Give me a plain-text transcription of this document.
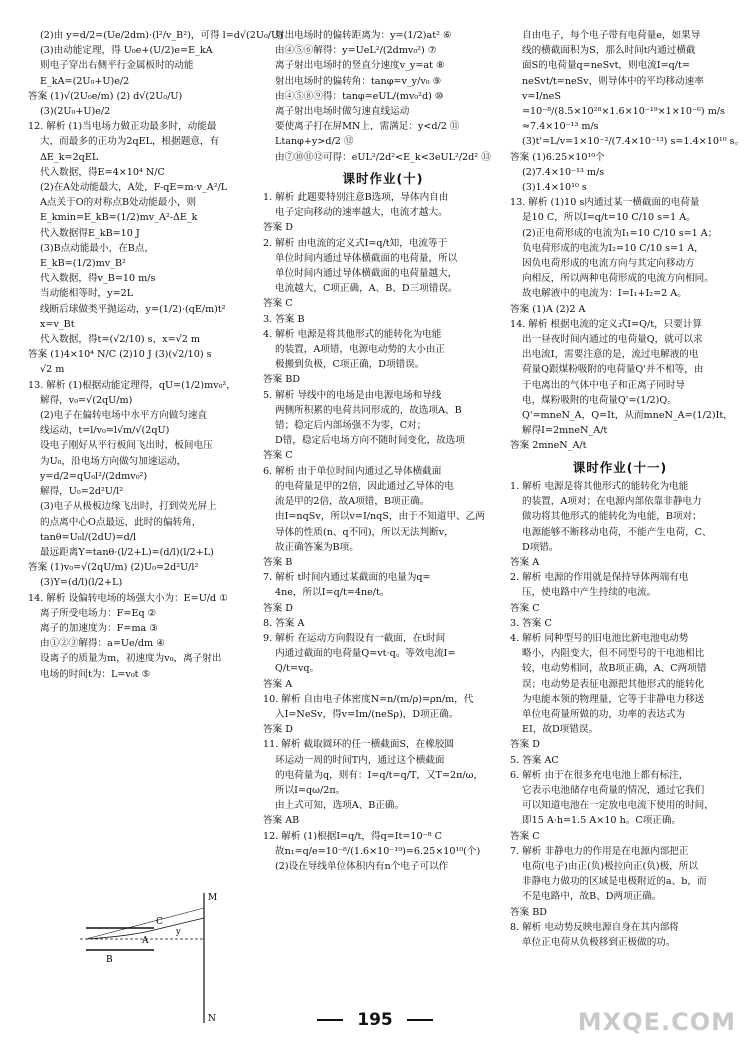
(2)由 y=d/2=(Ue/2dm)·(l²/v_B²)，可得 l=d√(2U₀/U)
(3)由动能定理，得 U₀e+(U/2)e=E_kA
则电子穿出右侧平行金属板时的动能
E_kA=(2U₀+U)e/2
答案 (1)√(2U₀e/m) (2) d√(2U₀/U)
(3)(2U₀+U)e/2
12. 解析 (1)当电场力做正功最多时，动能最
大，而最多的正功为2qEL，根据题意，有
ΔE_k=2qEL
代入数据，得E=4×10⁴ N/C
(2)在A处动能最大，A处，F-qE=m·v_A²/L
A点关于O的对称点B处动能最小，则
E_kmin=E_kB=(1/2)mv_A²-ΔE_k
代入数据得E_kB=10 J
(3)B点动能最小，在B点，
E_kB=(1/2)mv_B²
代入数据，得v_B=10 m/s
当动能相等时，y=2L
线断后球做类平抛运动，y=(1/2)·(qE/m)t²
x=v_Bt
代入数据，得t=(√2/10) s，x=√2 m
答案 (1)4×10⁴ N/C (2)10 J (3)(√2/10) s
√2 m
13. 解析 (1)根据动能定理得，qU=(1/2)mv₀²，
解得，v₀=√(2qU/m)
(2)电子在偏转电场中水平方向做匀速直
线运动，t=l/v₀=l√m/√(2qU)
设电子刚好从平行板间飞出时，板间电压
为U₀，沿电场方向做匀加速运动，
y=d/2=qU₀l²/(2dmv₀²)
解得，U₀=2d²U/l²
(3)电子从极板边缘飞出时，打到荧光屏上
的点离中心O点最远，此时的偏转角，
tanθ=U₀l/(2dU)=d/l
最远距离Y=tanθ·(l/2+L)=(d/l)(l/2+L)
答案 (1)v₀=√(2qU/m) (2)U₀=2d²U/l²
(3)Y=(d/l)(l/2+L)
14. 解析 设偏转电场的场强大小为：E=U/d ①
离子所受电场力：F=Eq ②
离子的加速度为：F=ma ③
由①②③解得：a=Ue/dm ④
设离子的质量为m，初速度为v₀，离子射出
电场的时间t为：L=v₀t ⑤
射出电场时的偏转距离为：y=(1/2)at² ⑥
由④⑤⑥解得：y=UeL²/(2dmv₀²) ⑦
离子射出电场时的竖直分速度v_y=at ⑧
射出电场时的偏转角：tanφ=v_y/v₀ ⑨
由④⑤⑧⑨得：tanφ=eUL/(mv₀²d) ⑩
离子射出电场时做匀速直线运动
要使离子打在屏MN上，需满足：y<d/2 ⑪
Ltanφ+y>d/2 ⑫
由⑦⑩⑪⑫可得：eUL²/2d²<E_k<3eUL²/2d² ⑬
课时作业(十)
1. 解析 此题要特别注意B选项，导体内自由
电子定向移动的速率越大，电流才越大。
答案 D
2. 解析 由电流的定义式I=q/t知，电流等于
单位时间内通过导体横截面的电荷量，所以
单位时间内通过导体横截面的电荷量越大，
电流越大，C项正确，A、B、D三项错误。
答案 C
3. 答案 B
4. 解析 电源是将其他形式的能转化为电能
的装置，A项错，电源电动势的大小由正
极搬到负极，C项正确，D项错误。
答案 BD
5. 解析 导线中的电场是由电源电场和导线
两侧所积累的电荷共同形成的，故选项A、B
错；稳定后内部场强不为零，C对；
D错，稳定后电场方向不随时间变化，故选项
答案 C
6. 解析 由于单位时间内通过乙导体横截面
的电荷量是甲的2倍，因此通过乙导体的电
流是甲的2倍，故A项错，B项正确。
由I=nqSv，所以v=I/nqS，由于不知道甲、乙两
导体的性质(n、q不同)，所以无法判断v，
故正确答案为B项。
答案 B
7. 解析 t时间内通过某截面的电量为q=
4ne，所以I=q/t=4ne/t。
答案 D
8. 答案 A
9. 解析 在运动方向假设有一截面，在t时间
内通过截面的电荷量Q=vt·q。等效电流I=
Q/t=vq。
答案 A
10. 解析 自由电子体密度N=n/(m/ρ)=ρn/m，代
入I=NeSv，得v=Im/(neSρ)，D项正确。
答案 D
11. 解析 截取圆环的任一横截面S，在橡胶圆
环运动一周的时间T内，通过这个横截面
的电荷量为q，则有：I=q/t=q/T，又T=2π/ω，
所以I=qω/2π。
由上式可知，选项A、B正确。
答案 AB
12. 解析 (1)根据I=q/t，得q=It=10⁻⁸ C
故n₁=q/e=10⁻⁸/(1.6×10⁻¹⁹)=6.25×10¹⁰(个)
(2)设在导线单位体积内有n个电子可以作
自由电子，每个电子带有电荷量e，如果导
线的横截面积为S，那么时间t内通过横截
面S的电荷量q=neSvt，则电流I=q/t=
neSvt/t=neSv，则导体中的平均移动速率
v=I/neS
=10⁻⁸/(8.5×10²⁸×1.6×10⁻¹⁹×1×10⁻⁶) m/s
≈7.4×10⁻¹³ m/s
(3)t'=L/v=1×10⁻²/(7.4×10⁻¹³) s=1.4×10¹⁰ s。
答案 (1)6.25×10¹⁰个
(2)7.4×10⁻¹³ m/s
(3)1.4×10¹⁰ s
13. 解析 (1)10 s内通过某一横截面的电荷量
是10 C，所以I=q/t=10 C/10 s=1 A。
(2)正电荷形成的电流为I₁=10 C/10 s=1 A；
负电荷形成的电流为I₂=10 C/10 s=1 A，
因负电荷形成的电流方向与其定向移动方
向相反，所以两种电荷形成的电流方向相同。
故电解液中的电流为：I=I₁+I₂=2 A。
答案 (1)A (2)2 A
14. 解析 根据电流的定义式I=Q/t，只要计算
出一昼夜时间内通过的电荷量Q，就可以求
出电流I，需要注意的是，流过电解液的电
荷量Q跟煤粉吸附的电荷量Q'并不相等，由
于电离出的气体中电子和正离子同时导
电，煤粉吸附的电荷量Q'=(1/2)Q。
Q'=mneN_A，Q=It，从而mneN_A=(1/2)It，
解得I=2mneN_A/t
答案 2mneN_A/t
课时作业(十一)
1. 解析 电源是将其他形式的能转化为电能
的装置，A项对；在电源内部依靠非静电力
做功将其他形式的能转化为电能，B项对；
电源能够不断移动电荷，不能产生电荷，C、
D项错。
答案 A
2. 解析 电源的作用就是保持导体两端有电
压，使电路中产生持续的电流。
答案 C
3. 答案 C
4. 解析 同种型号的旧电池比新电池电动势
略小，内阻变大，但不同型号的干电池相比
较，电动势相同，故B项正确，A、C两项错
误；电动势是表征电源把其他形式的能转化
为电能本领的物理量，它等于非静电力移送
单位电荷量所做的功，功率的表达式为
EI，故D项错误。
答案 D
5. 答案 AC
6. 解析 由于在很多充电电池上都有标注，
它表示电池储存电荷量的情况，通过它我们
可以知道电池在一定放电电流下使用的时间，
即15 A·h=1.5 A×10 h。C项正确。
答案 C
7. 解析 非静电力的作用是在电源内部把正
电荷(电子)由正(负)极拉向正(负)极，所以
非静电力做功的区域是电极附近的a、b，而
不是电路中，故B、D两项正确。
答案 BD
8. 解析 电动势反映电源自身在其内部将
单位正电荷从负极移到正极做的功。
C
A
B
M
N
y
195	MXQE.COM
